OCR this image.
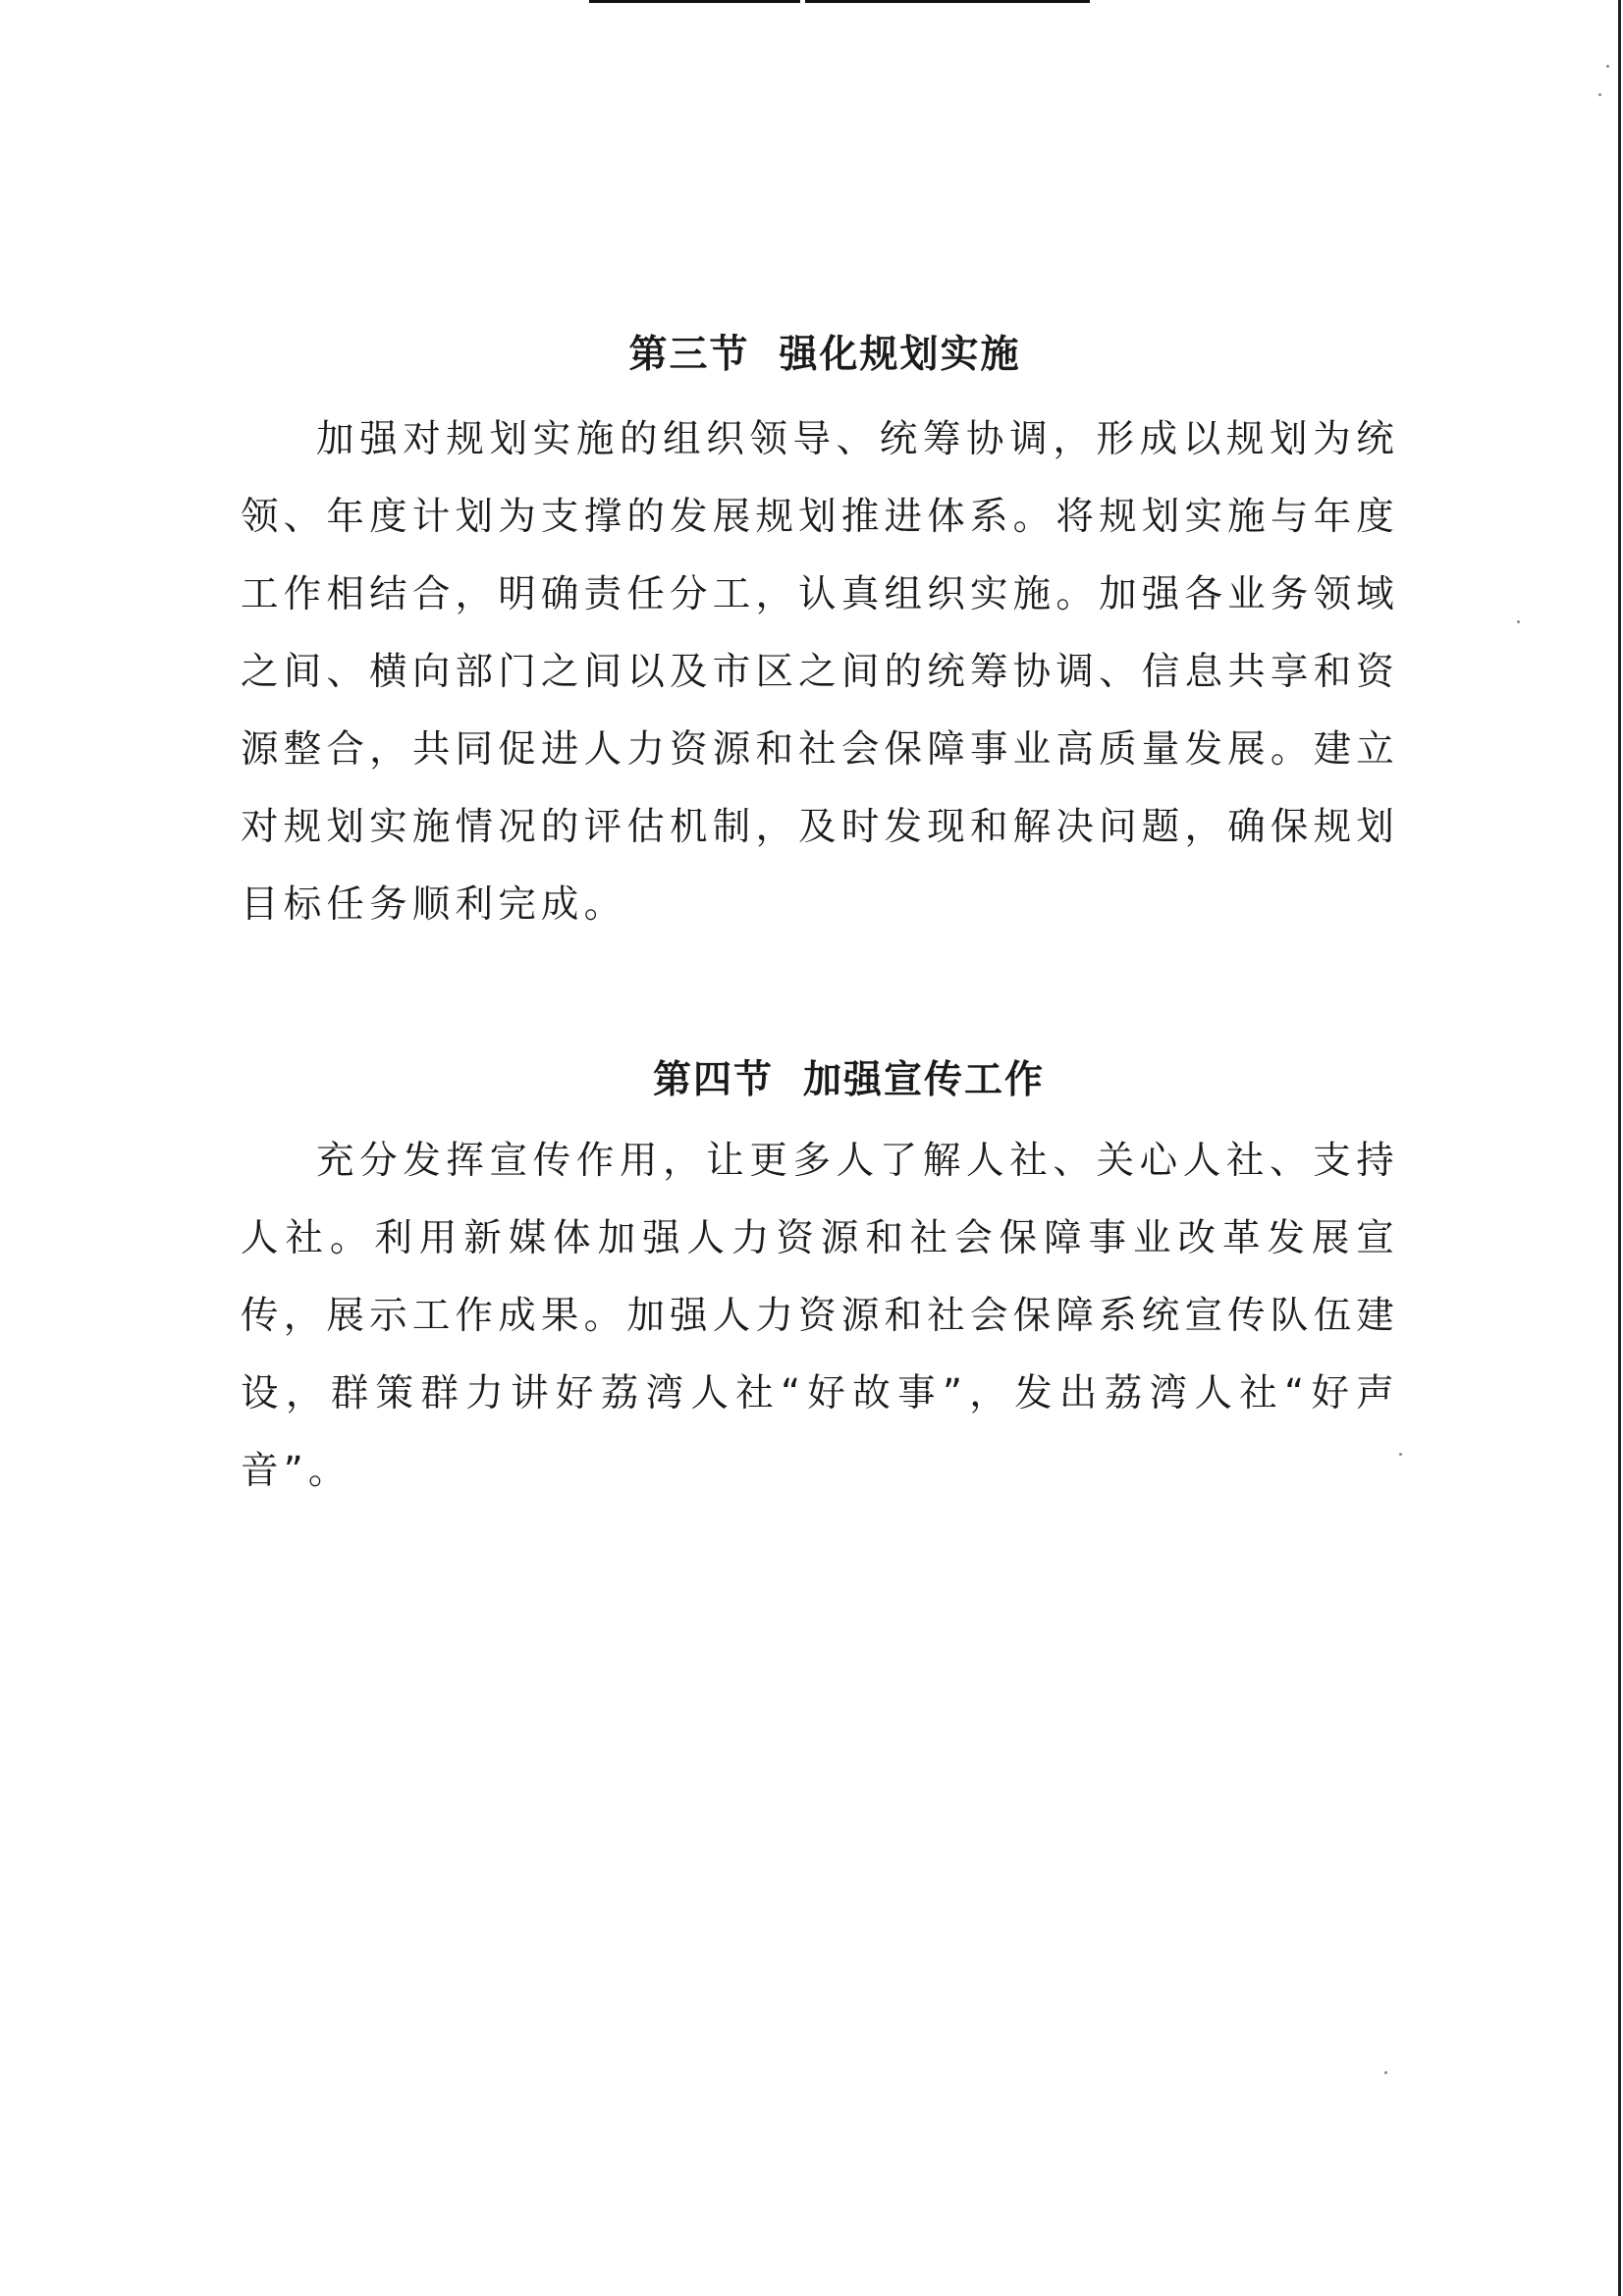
第三节 强化规划实施

加强对规划实施的组织领导、统筹协调，形成以规划为统领、年度计划为支撑的发展规划推进体系。将规划实施与年度工作相结合，明确责任分工，认真组织实施。加强各业务领域之间、横向部门之间以及市区之间的统筹协调、信息共享和资源整合，共同促进人力资源和社会保障事业高质量发展。建立对规划实施情况的评估机制，及时发现和解决问题，确保规划目标任务顺利完成。

第四节 加强宣传工作

充分发挥宣传作用，让更多人了解人社、关心人社、支持人社。利用新媒体加强人力资源和社会保障事业改革发展宣传，展示工作成果。加强人力资源和社会保障系统宣传队伍建设，群策群力讲好荔湾人社“好故事”，发出荔湾人社“好声音”。
